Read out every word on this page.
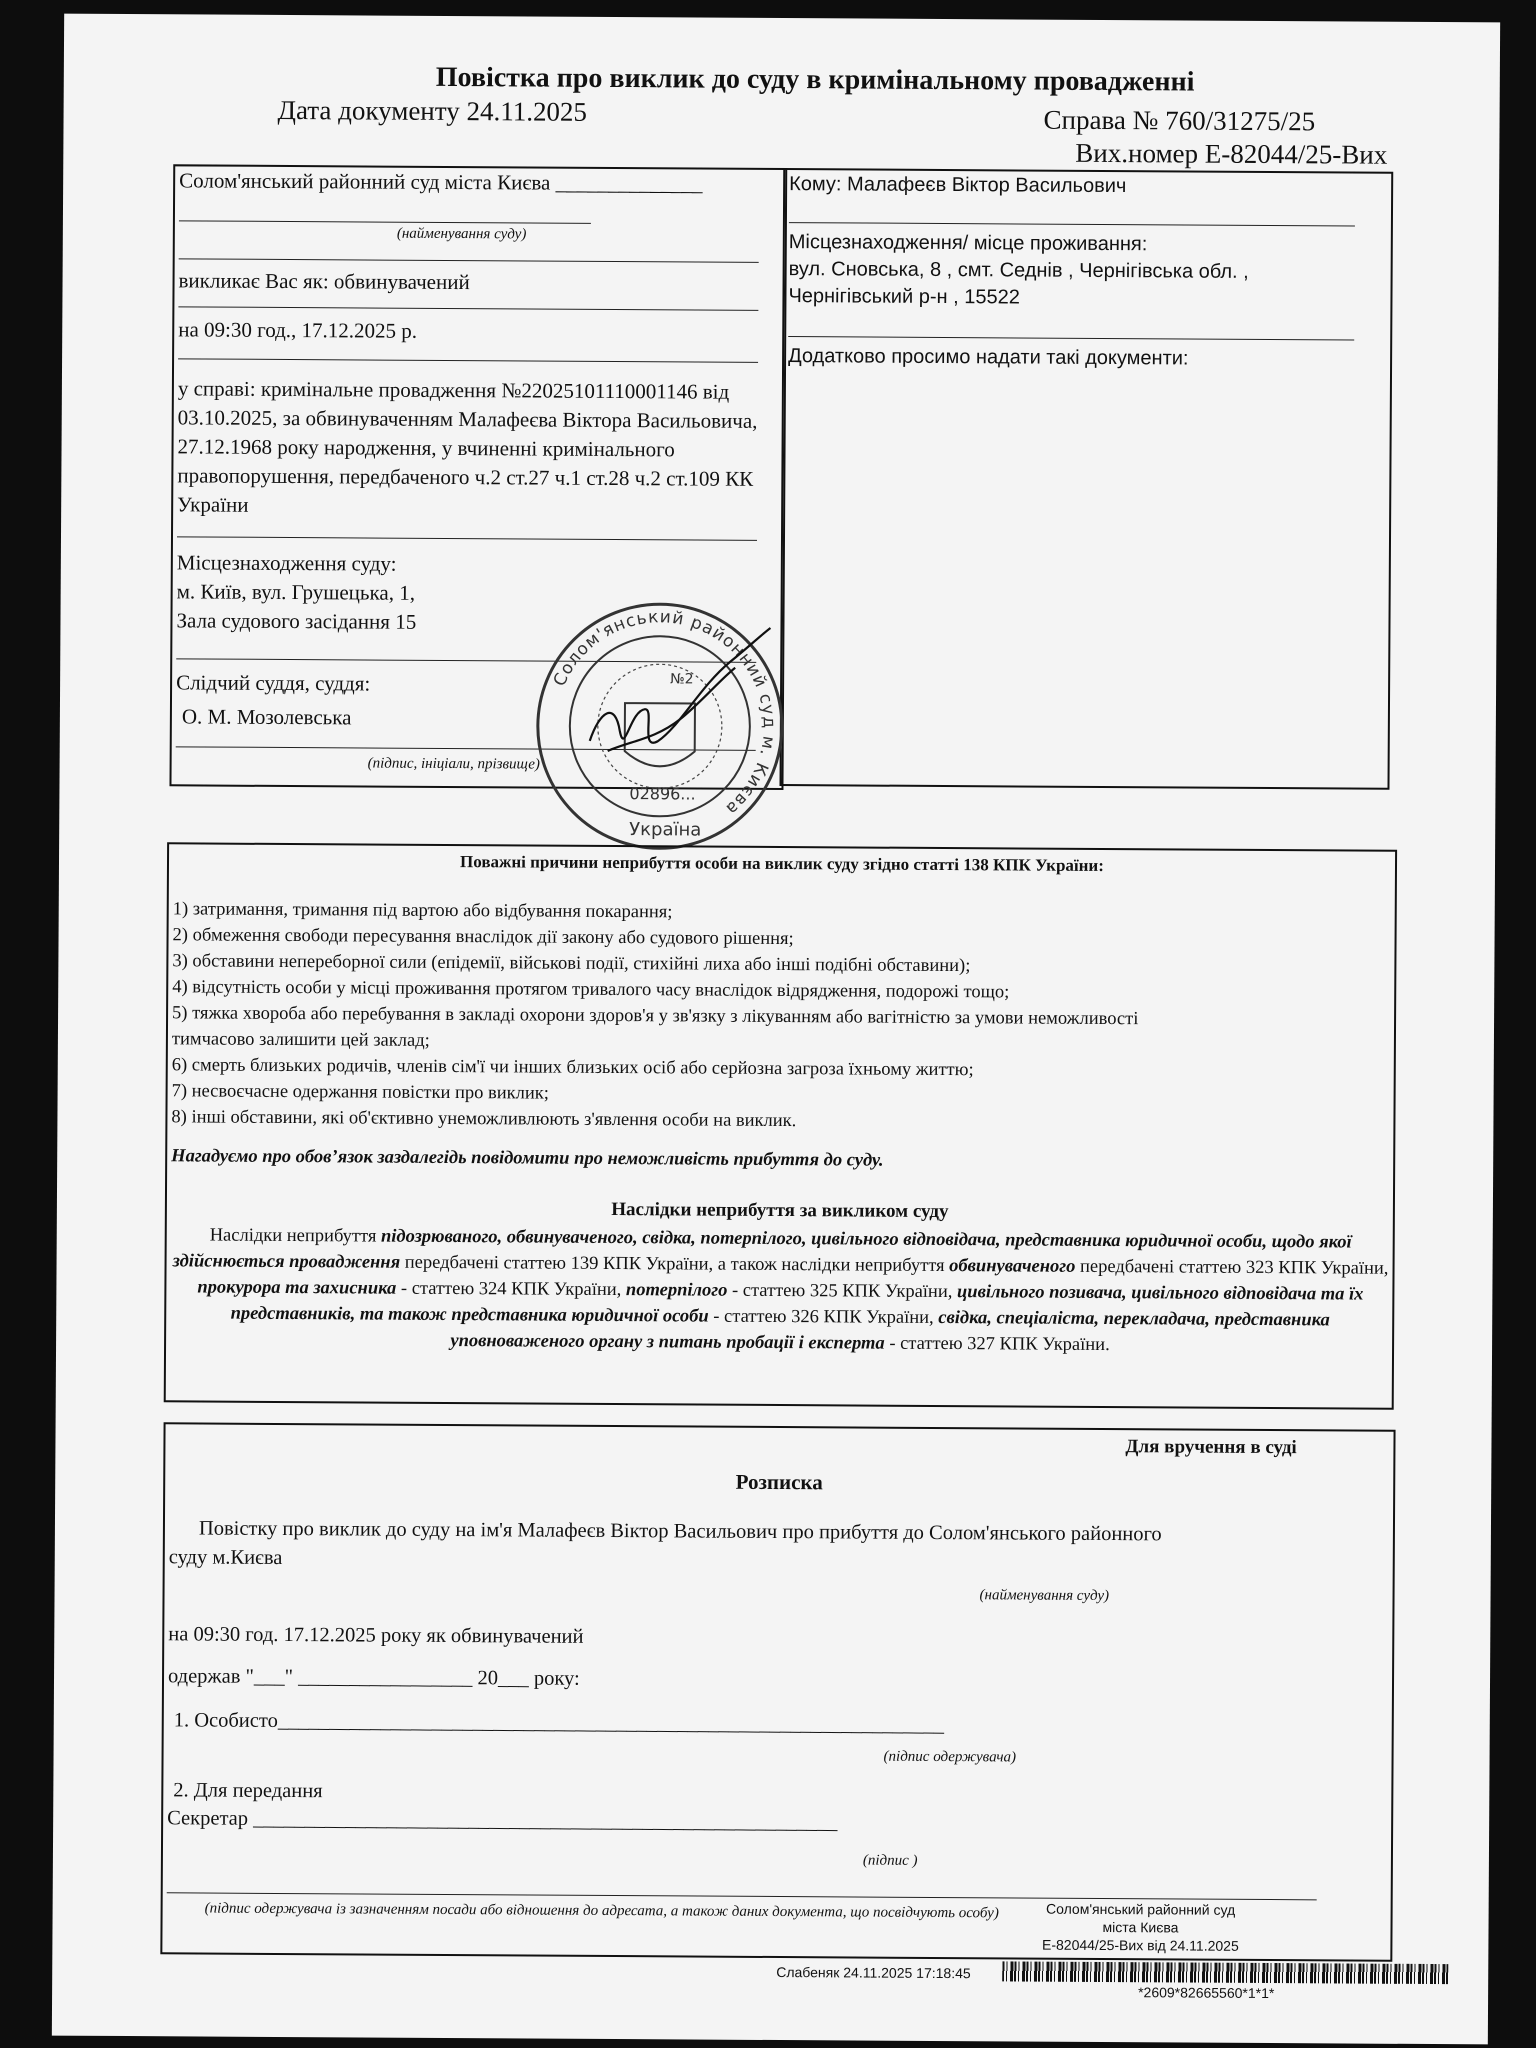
Повістка про виклик до суду в кримінальному провадженні
Дата документу 24.11.2025	Справа № 760/31275/25
Вих.номер Е-82044/25-Вих
Солом'янський районний суд міста Києва ______________
(найменування суду)
викликає Вас як: обвинувачений
на 09:30 год., 17.12.2025 р.
у справі: кримінальне провадження №22025101110001146 від 03.10.2025, за обвинуваченням Малафеєва Віктора Васильовича, 27.12.1968 року народження, у вчиненні кримінального правопорушення, передбаченого ч.2 ст.27 ч.1 ст.28 ч.2 ст.109 КК України
Місцезнаходження суду:
м. Київ, вул. Грушецька, 1,
Зала судового засідання 15
Слідчий суддя, суддя:
О. М. Мозолевська
(підпис, ініціали, прізвище)
Кому: Малафеєв Віктор Васильович
Місцезнаходження/ місце проживання:
вул. Сновська, 8 , смт. Седнів , Чернігівська обл. ,
Чернігівський р-н , 15522
Додатково просимо надати такі документи:
Солом'янський районний суд м. Києва
№2
02896...
Україна
Поважні причини неприбуття особи на виклик суду згідно статті 138 КПК України:
1) затримання, тримання під вартою або відбування покарання;
2) обмеження свободи пересування внаслідок дії закону або судового рішення;
3) обставини непереборної сили (епідемії, військові події, стихійні лиха або інші подібні обставини);
4) відсутність особи у місці проживання протягом тривалого часу внаслідок відрядження, подорожі тощо;
5) тяжка хвороба або перебування в закладі охорони здоров'я у зв'язку з лікуванням або вагітністю за умови неможливості
тимчасово залишити цей заклад;
6) смерть близьких родичів, членів сім'ї чи інших близьких осіб або серйозна загроза їхньому життю;
7) несвоєчасне одержання повістки про виклик;
8) інші обставини, які об'єктивно унеможливлюють з'явлення особи на виклик.
Нагадуємо про обов’язок заздалегідь повідомити про неможливість прибуття до суду.
Наслідки неприбуття за викликом суду
Наслідки неприбуття підозрюваного, обвинуваченого, свідка, потерпілого, цивільного відповідача, представника юридичної особи, щодо якої здійснюється провадження передбачені статтею 139 КПК України, а також наслідки неприбуття обвинуваченого передбачені статтею 323 КПК України, прокурора та захисника - статтею 324 КПК України, потерпілого - статтею 325 КПК України, цивільного позивача, цивільного відповідача та їх представників, та також представника юридичної особи - статтею 326 КПК України, свідка, спеціаліста, перекладача, представника уповноваженого органу з питань пробації і експерта - статтею 327 КПК України.
Для вручення в суді
Розписка
Повістку про виклик до суду на ім'я Малафеєв Віктор Васильович про прибуття до Солом'янського районного
суду м.Києва
(найменування суду)
на 09:30 год. 17.12.2025 року як обвинувачений
одержав "___" _________________ 20___ року:
1. Особисто_________________________________________________________________
(підпис одержувача)
2. Для передання
Секретар _________________________________________________________
(підпис )
(підпис одержувача із зазначенням посади або відношення до адресата, а також даних документа, що посвідчують особу)	Солом'янський районний суд
міста Києва
Е-82044/25-Вих від 24.11.2025
Слабеняк 24.11.2025 17:18:45
*2609*82665560*1*1*
